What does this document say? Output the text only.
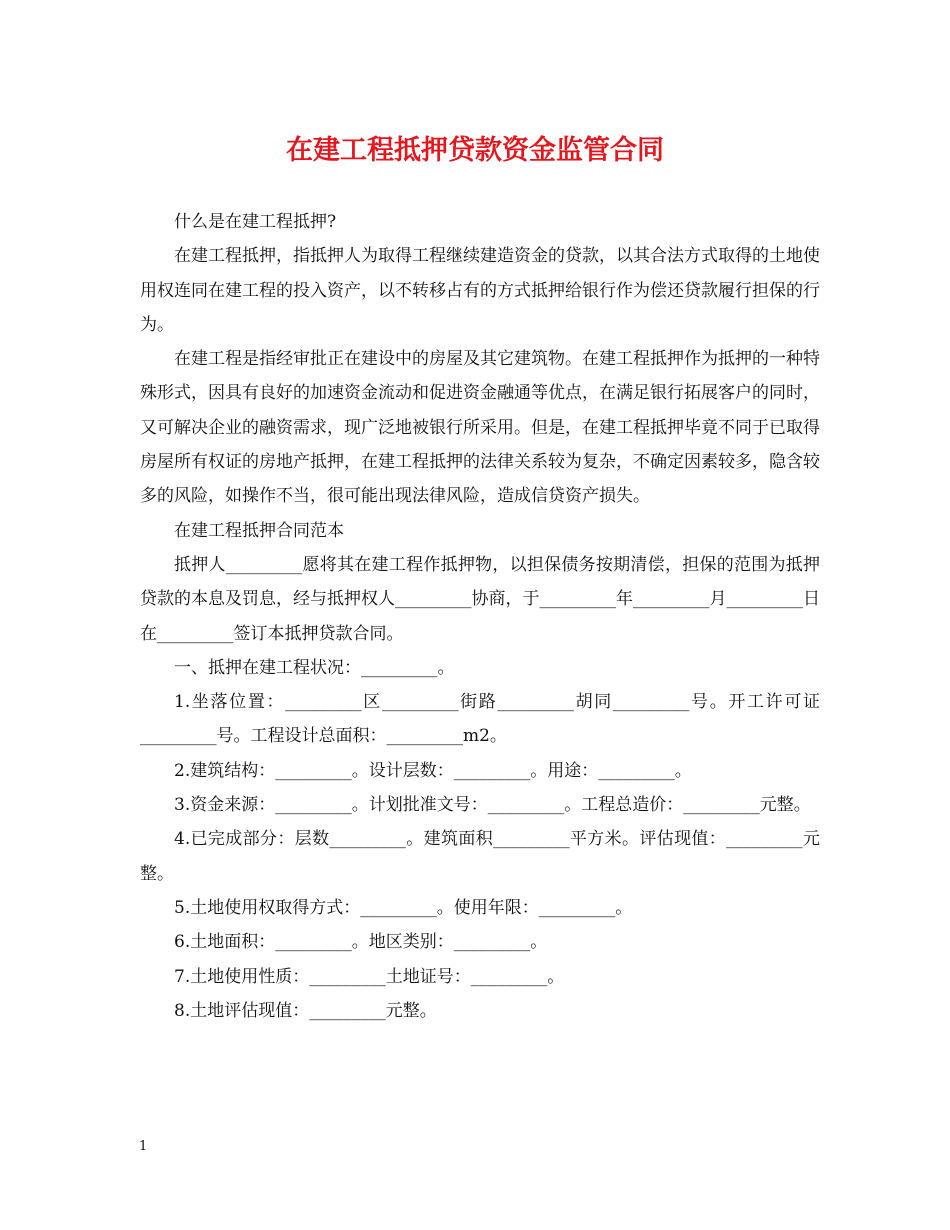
在建工程抵押贷款资金监管合同

什么是在建工程抵押?

在建工程抵押，指抵押人为取得工程继续建造资金的贷款，以其合法方式取得的土地使用权连同在建工程的投入资产，以不转移占有的方式抵押给银行作为偿还贷款履行担保的行为。

在建工程是指经审批正在建设中的房屋及其它建筑物。在建工程抵押作为抵押的一种特殊形式，因具有良好的加速资金流动和促进资金融通等优点，在满足银行拓展客户的同时，又可解决企业的融资需求，现广泛地被银行所采用。但是，在建工程抵押毕竟不同于已取得房屋所有权证的房地产抵押，在建工程抵押的法律关系较为复杂，不确定因素较多，隐含较多的风险，如操作不当，很可能出现法律风险，造成信贷资产损失。

在建工程抵押合同范本

抵押人_________愿将其在建工程作抵押物，以担保债务按期清偿，担保的范围为抵押贷款的本息及罚息，经与抵押权人_________协商，于_________年_________月_________日在_________签订本抵押贷款合同。

一、抵押在建工程状况：_________。

1.坐落位置：_________区_________街路_________胡同_________号。开工许可证_________号。工程设计总面积：_________m2。

2.建筑结构：_________。设计层数：_________。用途：_________。

3.资金来源：_________。计划批准文号：_________。工程总造价：_________元整。

4.已完成部分：层数_________。建筑面积_________平方米。评估现值：_________元整。

5.土地使用权取得方式：_________。使用年限：_________。

6.土地面积：_________。地区类别：_________。

7.土地使用性质：_________土地证号：_________。

8.土地评估现值：_________元整。

1
